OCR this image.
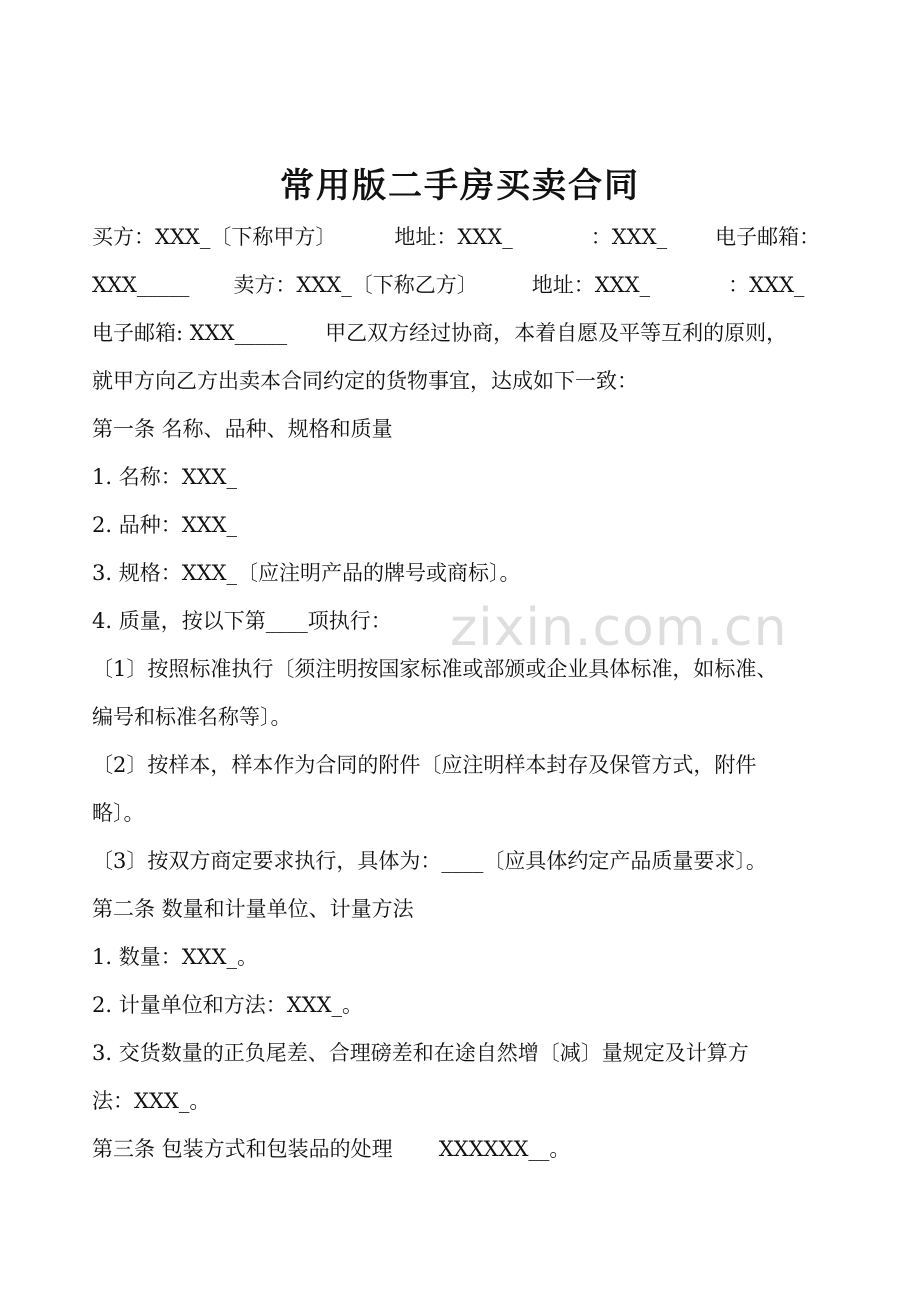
常用版二手房买卖合同
买方：XXX_〔下称甲方〕	地址：XXX_	：XXX_ 电子邮箱：
XXX_____ 卖方：XXX_〔下称乙方〕	地址：XXX_	：XXX_
电子邮箱: XXX_____ 甲乙双方经过协商，本着自愿及平等互利的原则，
就甲方向乙方出卖本合同约定的货物事宜，达成如下一致：
第一条 名称、品种、规格和质量
1. 名称：XXX_
2. 品种：XXX_
3. 规格：XXX_〔应注明产品的牌号或商标〕。
4. 质量，按以下第____项执行：
〔1〕按照标准执行〔须注明按国家标准或部颁或企业具体标准，如标准、
编号和标准名称等〕。
〔2〕按样本，样本作为合同的附件〔应注明样本封存及保管方式，附件
略〕。
〔3〕按双方商定要求执行，具体为：____〔应具体约定产品质量要求〕。
第二条 数量和计量单位、计量方法
1. 数量：XXX_。
2. 计量单位和方法：XXX_。
3. 交货数量的正负尾差、合理磅差和在途自然增〔减〕量规定及计算方
法：XXX_。
第三条 包装方式和包装品的处理 XXXXXX__。
zixin.com.cn
